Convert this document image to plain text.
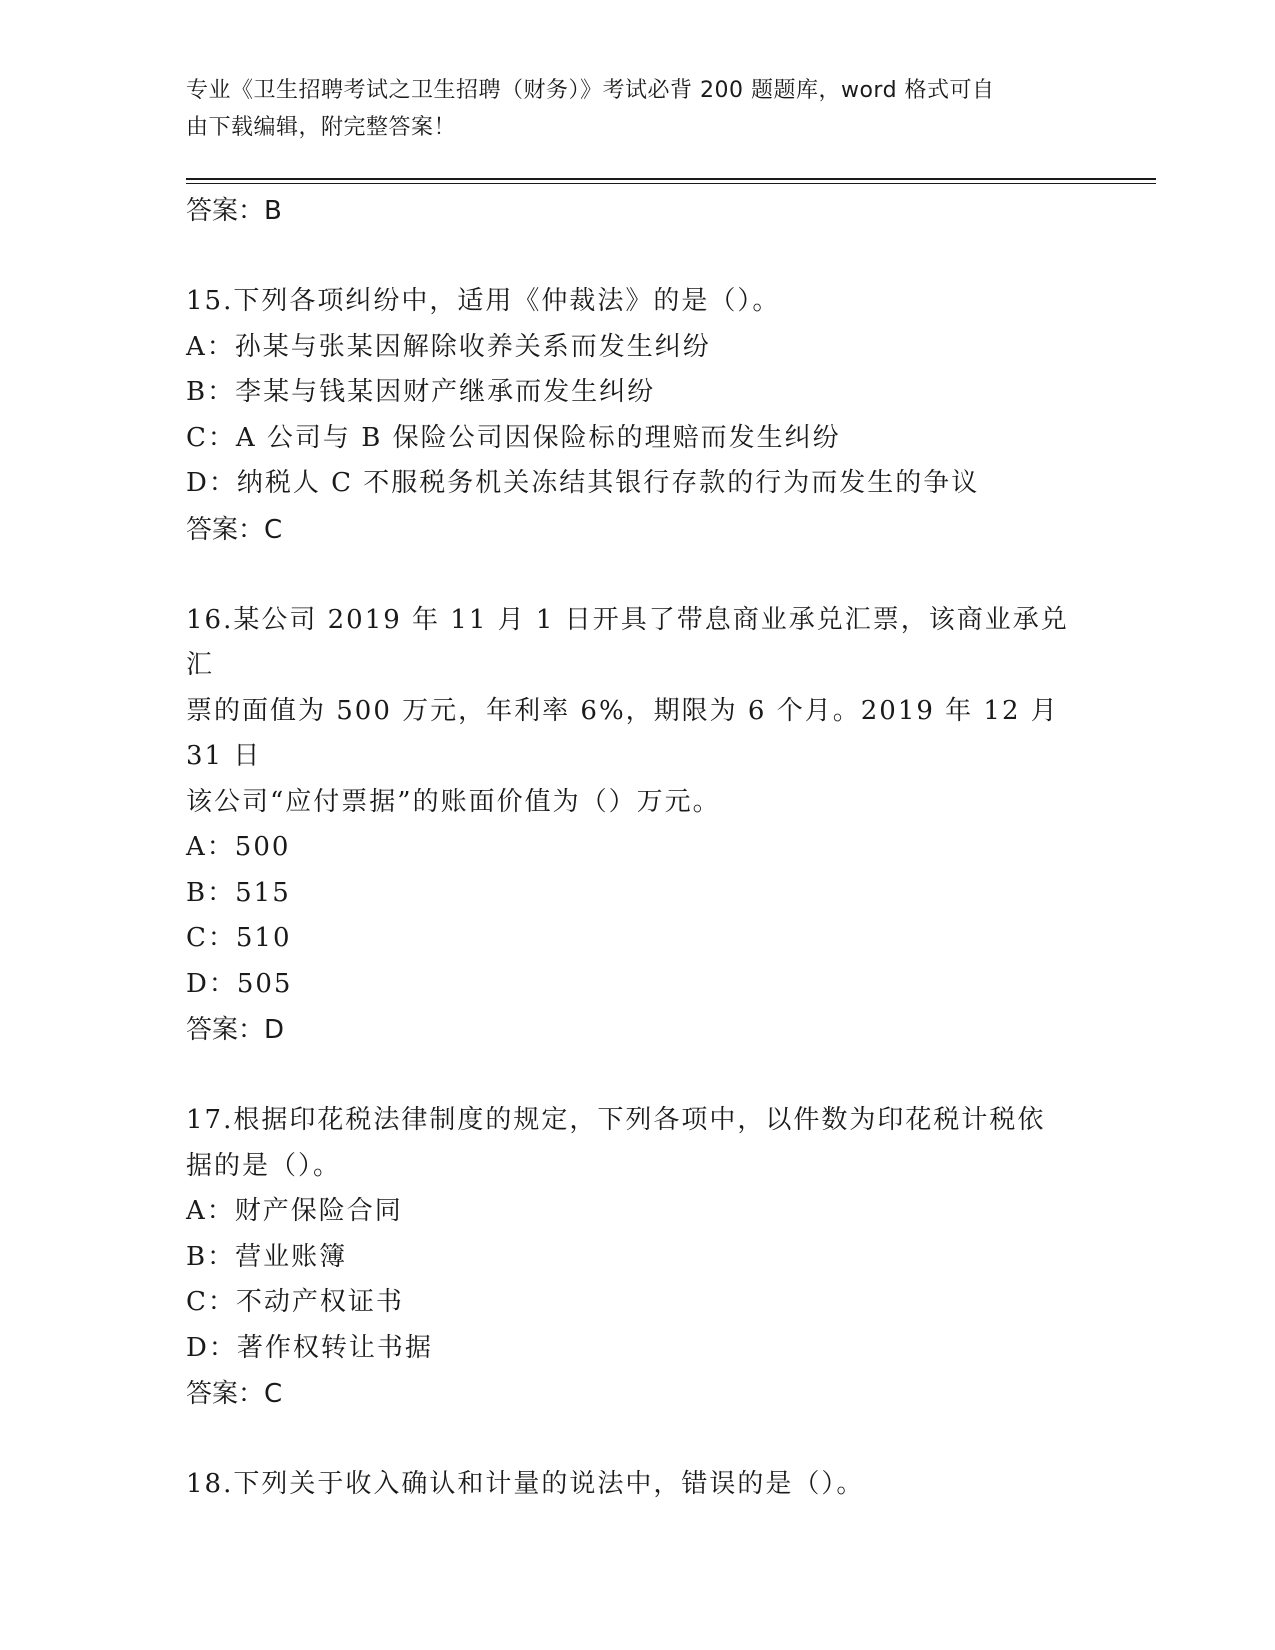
专业《卫生招聘考试之卫生招聘（财务）》考试必背 200 题题库，word 格式可自
由下载编辑，附完整答案！
答案：B
15.下列各项纠纷中，适用《仲裁法》的是（）。
A：孙某与张某因解除收养关系而发生纠纷
B：李某与钱某因财产继承而发生纠纷
C：A 公司与 B 保险公司因保险标的理赔而发生纠纷
D：纳税人 C 不服税务机关冻结其银行存款的行为而发生的争议
答案：C
16.某公司 2019 年 11 月 1 日开具了带息商业承兑汇票，该商业承兑汇
票的面值为 500 万元，年利率 6%，期限为 6 个月。2019 年 12 月 31 日
该公司“应付票据”的账面价值为（）万元。
A：500
B：515
C：510
D：505
答案：D
17.根据印花税法律制度的规定，下列各项中，以件数为印花税计税依
据的是（）。
A：财产保险合同
B：营业账簿
C：不动产权证书
D：著作权转让书据
答案：C
18.下列关于收入确认和计量的说法中，错误的是（）。
